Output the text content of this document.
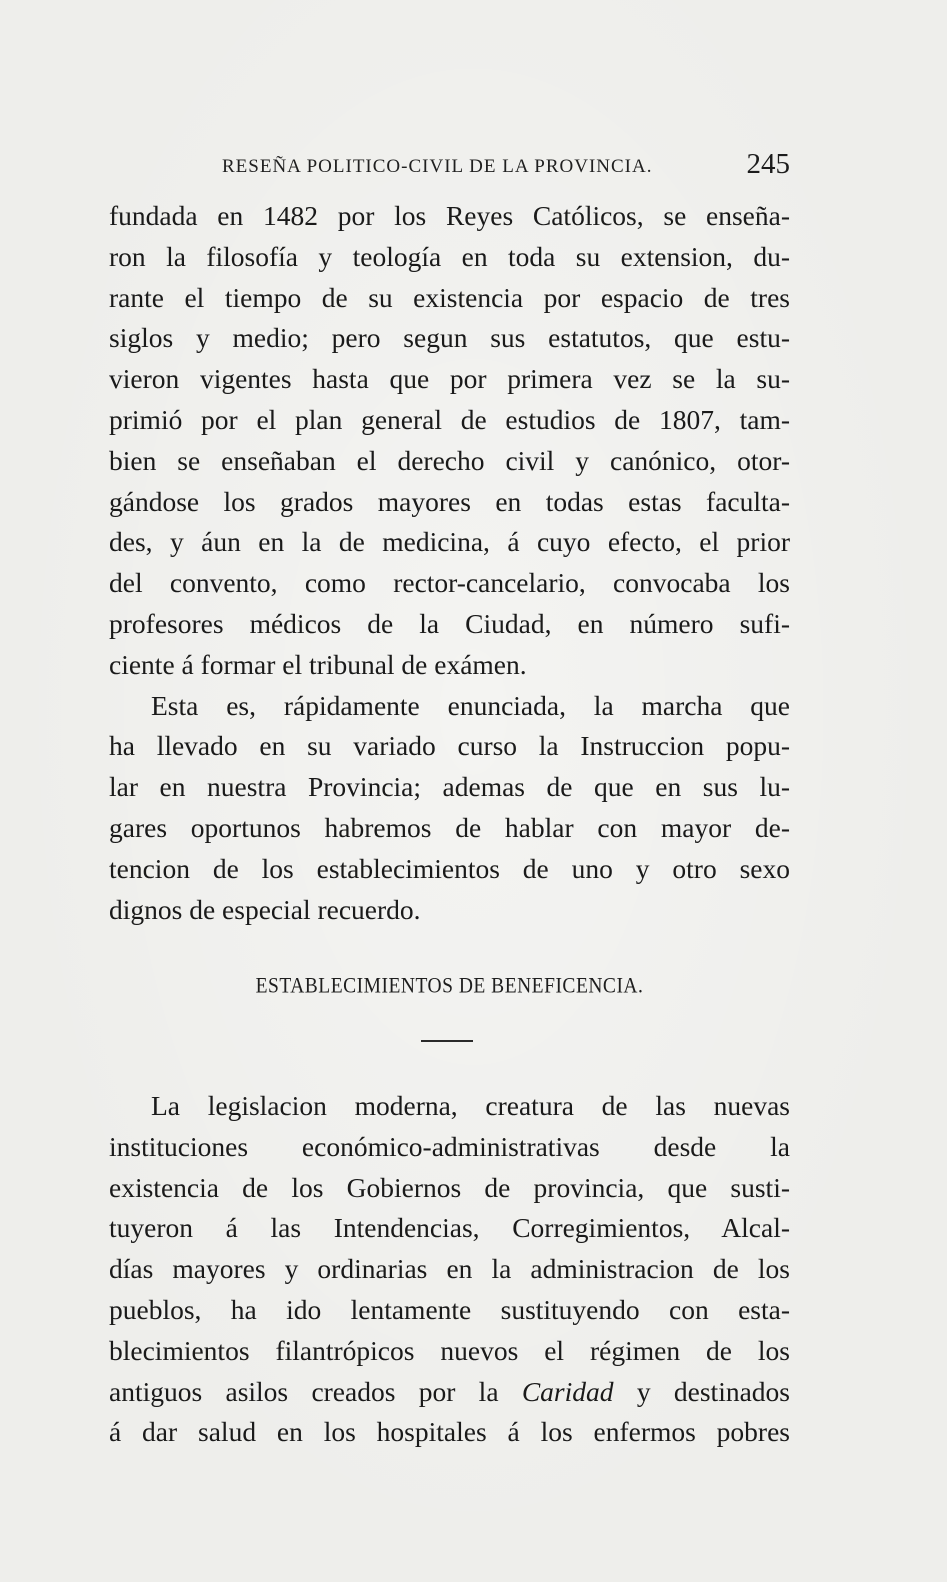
RESEÑA POLITICO-CIVIL DE LA PROVINCIA.	245
fundada en 1482 por los Reyes Católicos, se enseña-
ron la filosofía y teología en toda su extension, du-
rante el tiempo de su existencia por espacio de tres
siglos y medio; pero segun sus estatutos, que estu-
vieron vigentes hasta que por primera vez se la su-
primió por el plan general de estudios de 1807, tam-
bien se enseñaban el derecho civil y canónico, otor-
gándose los grados mayores en todas estas faculta-
des, y áun en la de medicina, á cuyo efecto, el prior
del convento, como rector-cancelario, convocaba los
profesores médicos de la Ciudad, en número sufi-
ciente á formar el tribunal de exámen.
Esta es, rápidamente enunciada, la marcha que
ha llevado en su variado curso la Instruccion popu-
lar en nuestra Provincia; ademas de que en sus lu-
gares oportunos habremos de hablar con mayor de-
tencion de los establecimientos de uno y otro sexo
dignos de especial recuerdo.
ESTABLECIMIENTOS DE BENEFICENCIA.
La legislacion moderna, creatura de las nuevas
instituciones económico-administrativas desde la
existencia de los Gobiernos de provincia, que susti-
tuyeron á las Intendencias, Corregimientos, Alcal-
días mayores y ordinarias en la administracion de los
pueblos, ha ido lentamente sustituyendo con esta-
blecimientos filantrópicos nuevos el régimen de los
antiguos asilos creados por la Caridad y destinados
á dar salud en los hospitales á los enfermos pobres
